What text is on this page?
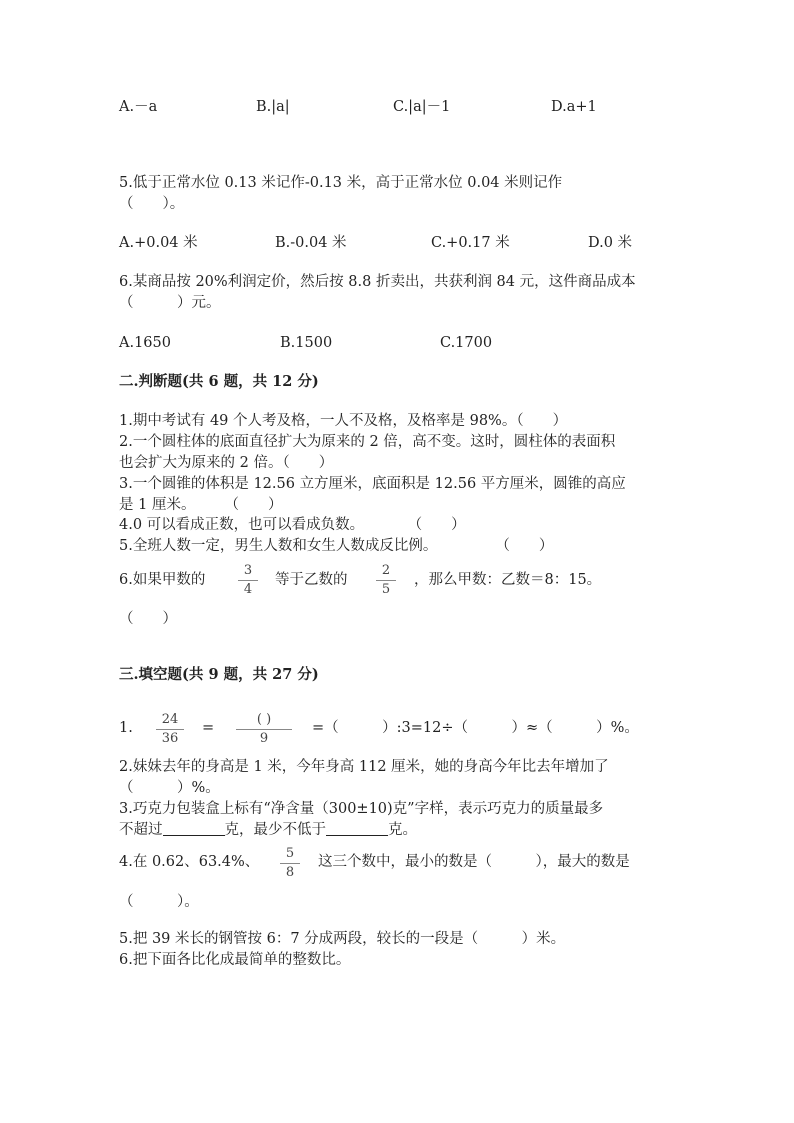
A.－a	B.|a|	C.|a|－1	D.a+1
5.低于正常水位 0.13 米记作-0.13 米，高于正常水位 0.04 米则记作
（　　）。
A.+0.04 米	B.-0.04 米	C.+0.17 米	D.0 米
6.某商品按 20%利润定价，然后按 8.8 折卖出，共获利润 84 元，这件商品成本
（　　　）元。
A.1650	B.1500	C.1700
二.判断题(共 6 题，共 12 分)
1.期中考试有 49 个人考及格，一人不及格，及格率是 98%。（　　）
2.一个圆柱体的底面直径扩大为原来的 2 倍，高不变。这时，圆柱体的表面积
也会扩大为原来的 2 倍。（　　）
3.一个圆锥的体积是 12.56 立方厘米，底面积是 12.56 平方厘米，圆锥的高应
是 1 厘米。　　　（　　）
4.0 可以看成正数，也可以看成负数。　　　　（　　）
5.全班人数一定，男生人数和女生人数成反比例。　　　　　（　　）
6.如果甲数的
3
4
等于乙数的
2
5
，那么甲数：乙数＝8：15。
（　　）
三.填空题(共 9 题，共 27 分)
1.
24
36
=
( )
9
=（　　　）:3=12÷（　　　）≈（　　　）%。
2.妹妹去年的身高是 1 米，今年身高 112 厘米，她的身高今年比去年增加了
（　　　）%。
3.巧克力包装盒上标有“净含量（300±10)克”字样，表示巧克力的质量最多
不超过	克，最少不低于	克。
4.在 0.62、63.4%、
5
8
这三个数中，最小的数是（　　　），最大的数是
（　　　）。
5.把 39 米长的钢管按 6：7 分成两段，较长的一段是（　　　）米。
6.把下面各比化成最简单的整数比。
